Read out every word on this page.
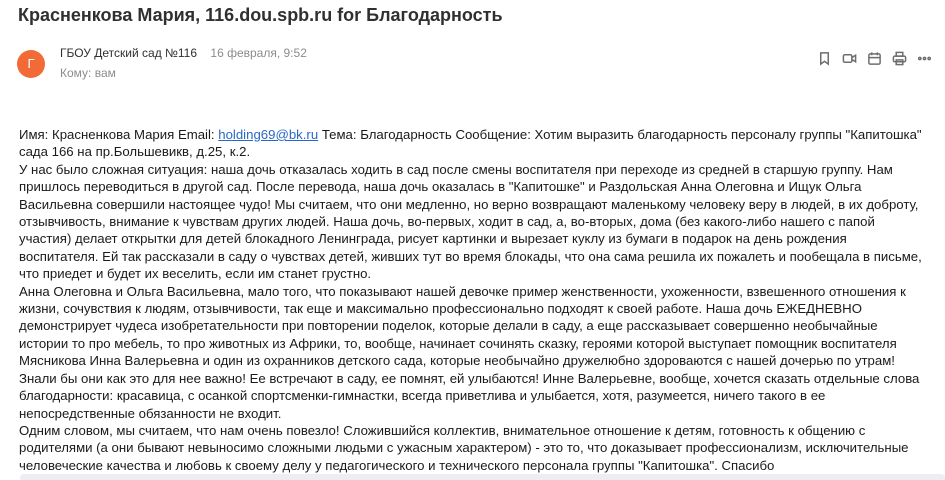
Красненкова Мария, 116.dou.spb.ru for Благодарность
Г
ГБОУ Детский сад №116 16 февраля, 9:52
Кому: вам

Имя: Красненкова Мария Email: holding69@bk.ru Тема: Благодарность Сообщение: Хотим выразить благодарность персоналу группы "Капитошка" сада 166 на пр.Большевикв, д.25, к.2.

У нас было сложная ситуация: наша дочь отказалась ходить в сад после смены воспитателя при переходе из средней в старшую группу. Нам пришлось переводиться в другой сад. После перевода, наша дочь оказалась в "Капитошке" и Раздольская Анна Олеговна и Ищук Ольга Васильевна совершили настоящее чудо! Мы считаем, что они медленно, но верно возвращают маленькому человеку веру в людей, в их доброту, отзывчивость, внимание к чувствам других людей. Наша дочь, во-первых, ходит в сад, а, во-вторых, дома (без какого-либо нашего с папой участия) делает открытки для детей блокадного Ленинграда, рисует картинки и вырезает куклу из бумаги в подарок на день рождения воспитателя. Ей так рассказали в саду о чувствах детей, живших тут во время блокады, что она сама решила их пожалеть и пообещала в письме, что приедет и будет их веселить, если им станет грустно.

Анна Олеговна и Ольга Васильевна, мало того, что показывают нашей девочке пример женственности, ухоженности, взвешенного отношения к жизни, сочувствия к людям, отзывчивости, так еще и максимально профессионально подходят к своей работе. Наша дочь ЕЖЕДНЕВНО демонстрирует чудеса изобретательности при повторении поделок, которые делали в саду, а еще рассказывает совершенно необычайные истории то про мебель, то про животных из Африки, то, вообще, начинает сочинять сказку, героями которой выступает помощник воспитателя Мясникова Инна Валерьевна и один из охранников детского сада, которые необычайно дружелюбно здороваются с нашей дочерью по утрам! Знали бы они как это для нее важно! Ее встречают в саду, ее помнят, ей улыбаются! Инне Валерьевне, вообще, хочется сказать отдельные слова благодарности: красавица, с осанкой спортсменки-гимнастки, всегда приветлива и улыбается, хотя, разумеется, ничего такого в ее непосредственные обязанности не входит.

Одним словом, мы считаем, что нам очень повезло! Сложившийся коллектив, внимательное отношение к детям, готовность к общению с родителями (а они бывают невыносимо сложными людьми с ужасным характером) - это то, что доказывает профессионализм, исключительные человеческие качества и любовь к своему делу у педагогического и технического персонала группы "Капитошка". Спасибо
